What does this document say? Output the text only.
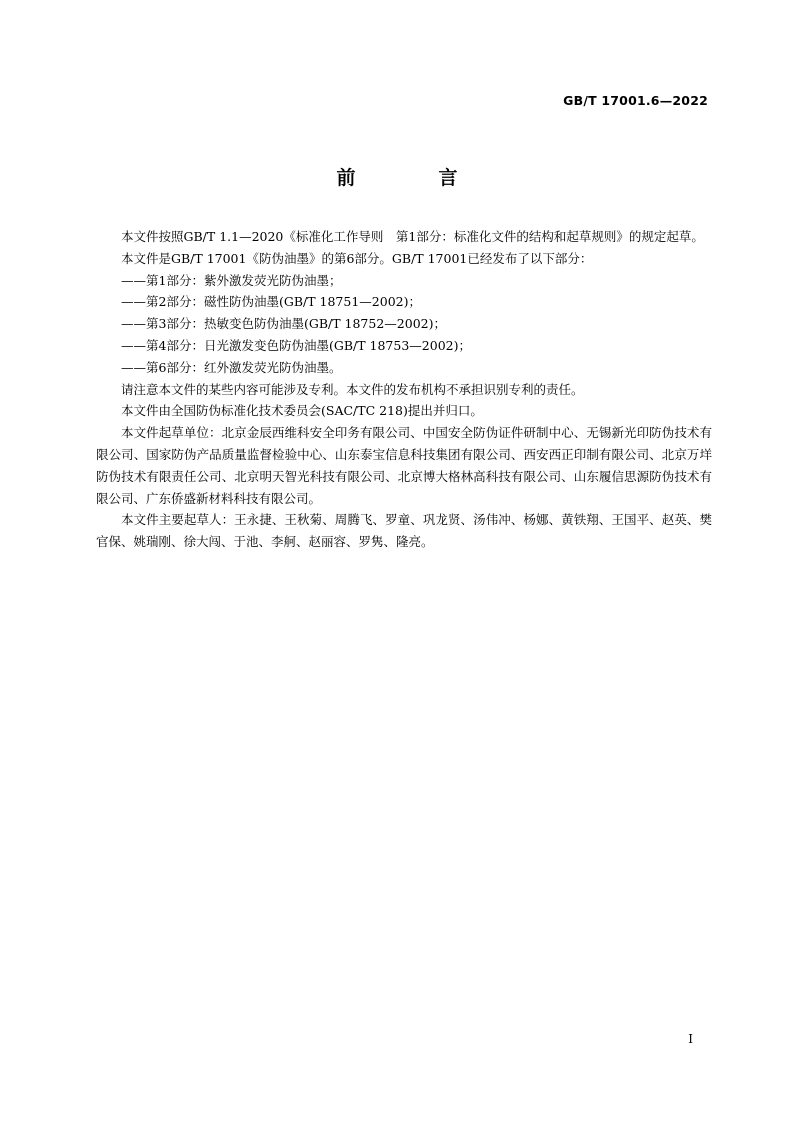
GB/T 17001.6—2022
前　言

本文件按照GB/T 1.1—2020《标准化工作导则　第1部分：标准化文件的结构和起草规则》的规定起草。

本文件是GB/T 17001《防伪油墨》的第6部分。GB/T 17001已经发布了以下部分：

——第1部分：紫外激发荧光防伪油墨；

——第2部分：磁性防伪油墨(GB/T 18751—2002)；

——第3部分：热敏变色防伪油墨(GB/T 18752—2002)；

——第4部分：日光激发变色防伪油墨(GB/T 18753—2002)；

——第6部分：红外激发荧光防伪油墨。

请注意本文件的某些内容可能涉及专利。本文件的发布机构不承担识别专利的责任。

本文件由全国防伪标准化技术委员会(SAC/TC 218)提出并归口。

本文件起草单位：北京金辰西维科安全印务有限公司、中国安全防伪证件研制中心、无锡新光印防伪技术有限公司、国家防伪产品质量监督检验中心、山东泰宝信息科技集团有限公司、西安西正印制有限公司、北京万垟防伪技术有限责任公司、北京明天智光科技有限公司、北京博大格林高科技有限公司、山东履信思源防伪技术有限公司、广东侨盛新材料科技有限公司。

本文件主要起草人：王永捷、王秋菊、周腾飞、罗童、巩龙贤、汤伟冲、杨娜、黄铁翔、王国平、赵英、樊官保、姚瑞刚、徐大闯、于池、李舸、赵丽容、罗隽、隆亮。

I
